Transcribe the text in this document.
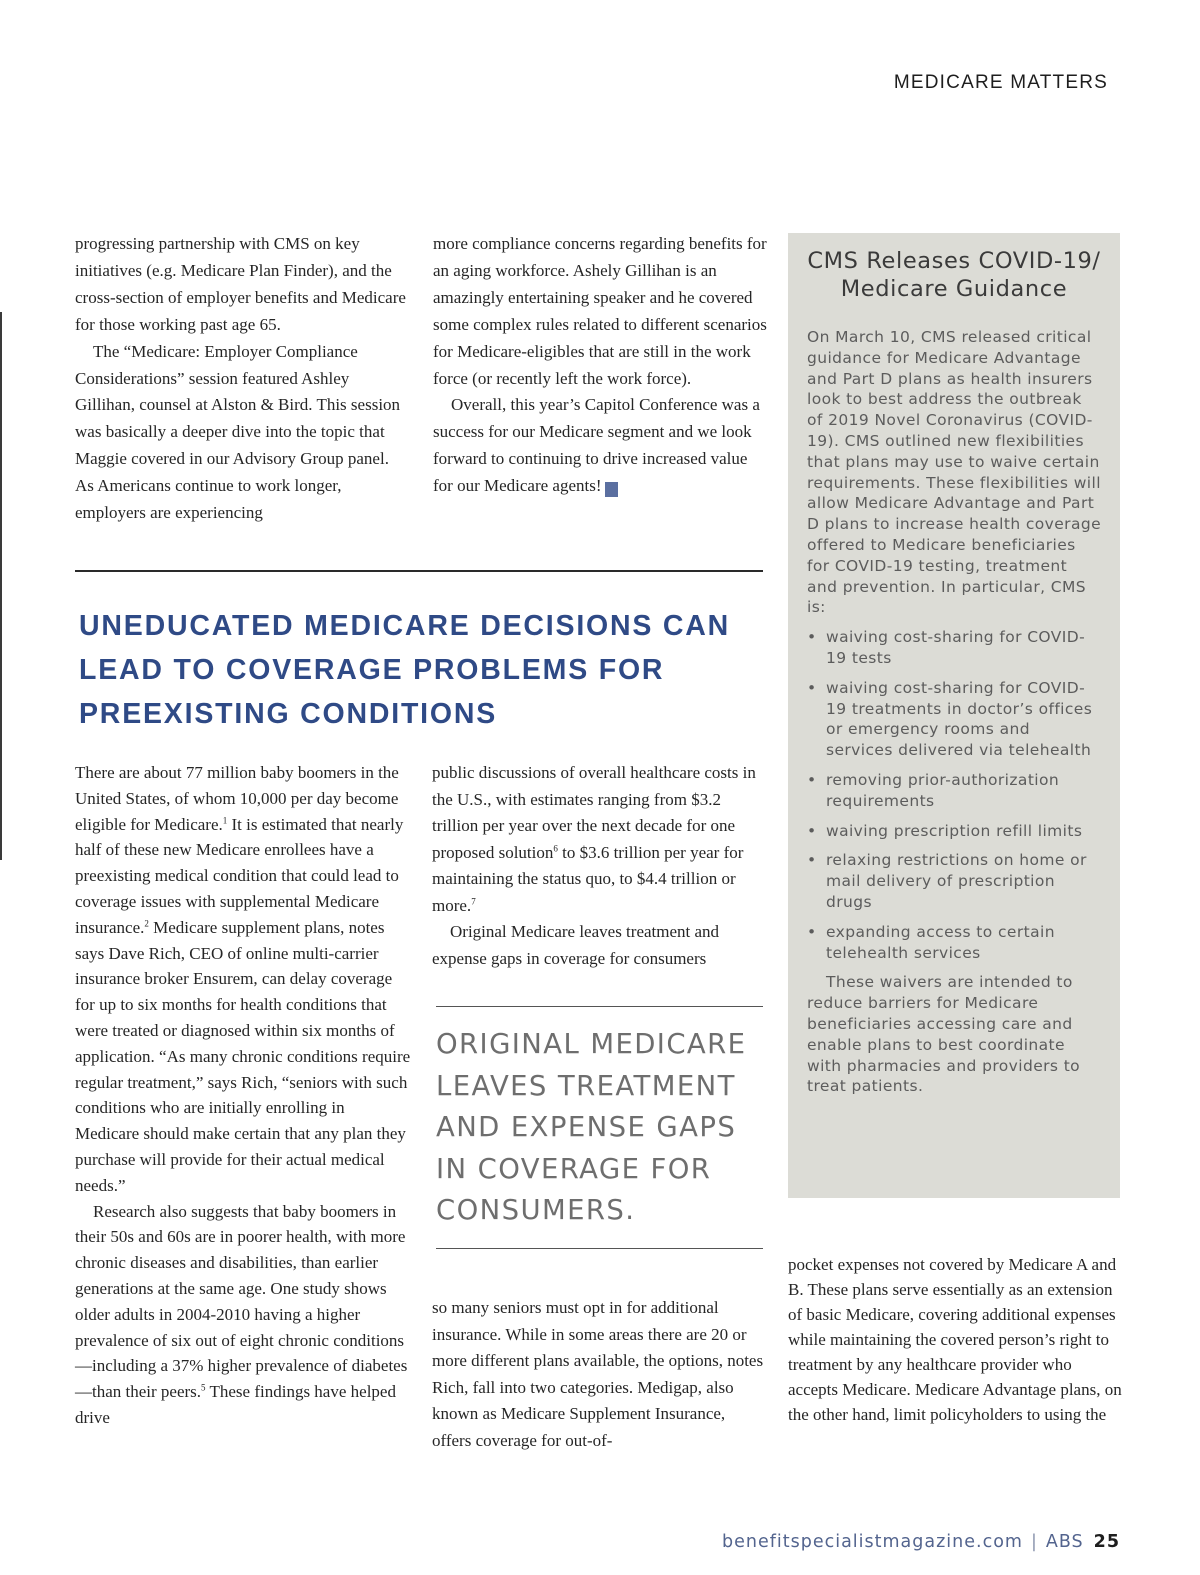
MEDICARE MATTERS

progressing partnership with CMS on key initiatives (e.g. Medicare Plan Finder), and the cross-section of employer benefits and Medicare for those working past age 65.

The “Medicare: Employer Compliance Considerations” session featured Ashley Gillihan, counsel at Alston & Bird. This session was basically a deeper dive into the topic that Maggie covered in our Advisory Group panel. As Americans continue to work longer, employers are experiencing

more compliance concerns regarding benefits for an aging workforce. Ashely Gillihan is an amazingly entertaining speaker and he covered some complex rules related to different scenarios for Medicare-eligibles that are still in the work force (or recently left the work force).

Overall, this year’s Capitol Conference was a success for our Medicare segment and we look forward to continuing to drive increased value for our Medicare agents! A

CMS Releases COVID-19/ Medicare Guidance

On March 10, CMS released critical guidance for Medicare Advantage and Part D plans as health insurers look to best address the outbreak of 2019 Novel Coronavirus (COVID-19). CMS outlined new flexibilities that plans may use to waive certain requirements. These flexibilities will allow Medicare Advantage and Part D plans to increase health coverage offered to Medicare beneficiaries for COVID-19 testing, treatment and prevention. In particular, CMS is:

• waiving cost-sharing for COVID-19 tests
• waiving cost-sharing for COVID-19 treatments in doctor’s offices or emergency rooms and services delivered via telehealth
• removing prior-authorization requirements
• waiving prescription refill limits
• relaxing restrictions on home or mail delivery of prescription drugs
• expanding access to certain telehealth services

These waivers are intended to reduce barriers for Medicare beneficiaries accessing care and enable plans to best coordinate with pharmacies and providers to treat patients.

UNEDUCATED MEDICARE DECISIONS CAN LEAD TO COVERAGE PROBLEMS FOR PREEXISTING CONDITIONS

There are about 77 million baby boomers in the United States, of whom 10,000 per day become eligible for Medicare.$^1$ It is estimated that nearly half of these new Medicare enrollees have a preexisting medical condition that could lead to coverage issues with supplemental Medicare insurance.$^2$ Medicare supplement plans, notes says Dave Rich, CEO of online multi-carrier insurance broker Ensurem, can delay coverage for up to six months for health conditions that were treated or diagnosed within six months of application. “As many chronic conditions require regular treatment,” says Rich, “seniors with such conditions who are initially enrolling in Medicare should make certain that any plan they purchase will provide for their actual medical needs.”

Research also suggests that baby boomers in their 50s and 60s are in poorer health, with more chronic diseases and disabilities, than earlier generations at the same age. One study shows older adults in 2004-2010 having a higher prevalence of six out of eight chronic conditions—including a 37% higher prevalence of diabetes—than their peers.$^5$ These findings have helped drive

public discussions of overall healthcare costs in the U.S., with estimates ranging from $3.2 trillion per year over the next decade for one proposed solution$^6$ to $3.6 trillion per year for maintaining the status quo, to $4.4 trillion or more.$^7$

Original Medicare leaves treatment and expense gaps in coverage for consumers

ORIGINAL MEDICARE LEAVES TREATMENT AND EXPENSE GAPS IN COVERAGE FOR CONSUMERS.

so many seniors must opt in for additional insurance. While in some areas there are 20 or more different plans available, the options, notes Rich, fall into two categories. Medigap, also known as Medicare Supplement Insurance, offers coverage for out-of-

pocket expenses not covered by Medicare A and B. These plans serve essentially as an extension of basic Medicare, covering additional expenses while maintaining the covered person’s right to treatment by any healthcare provider who accepts Medicare. Medicare Advantage plans, on the other hand, limit policyholders to using the

benefitspecialistmagazine.com | ABS 25
